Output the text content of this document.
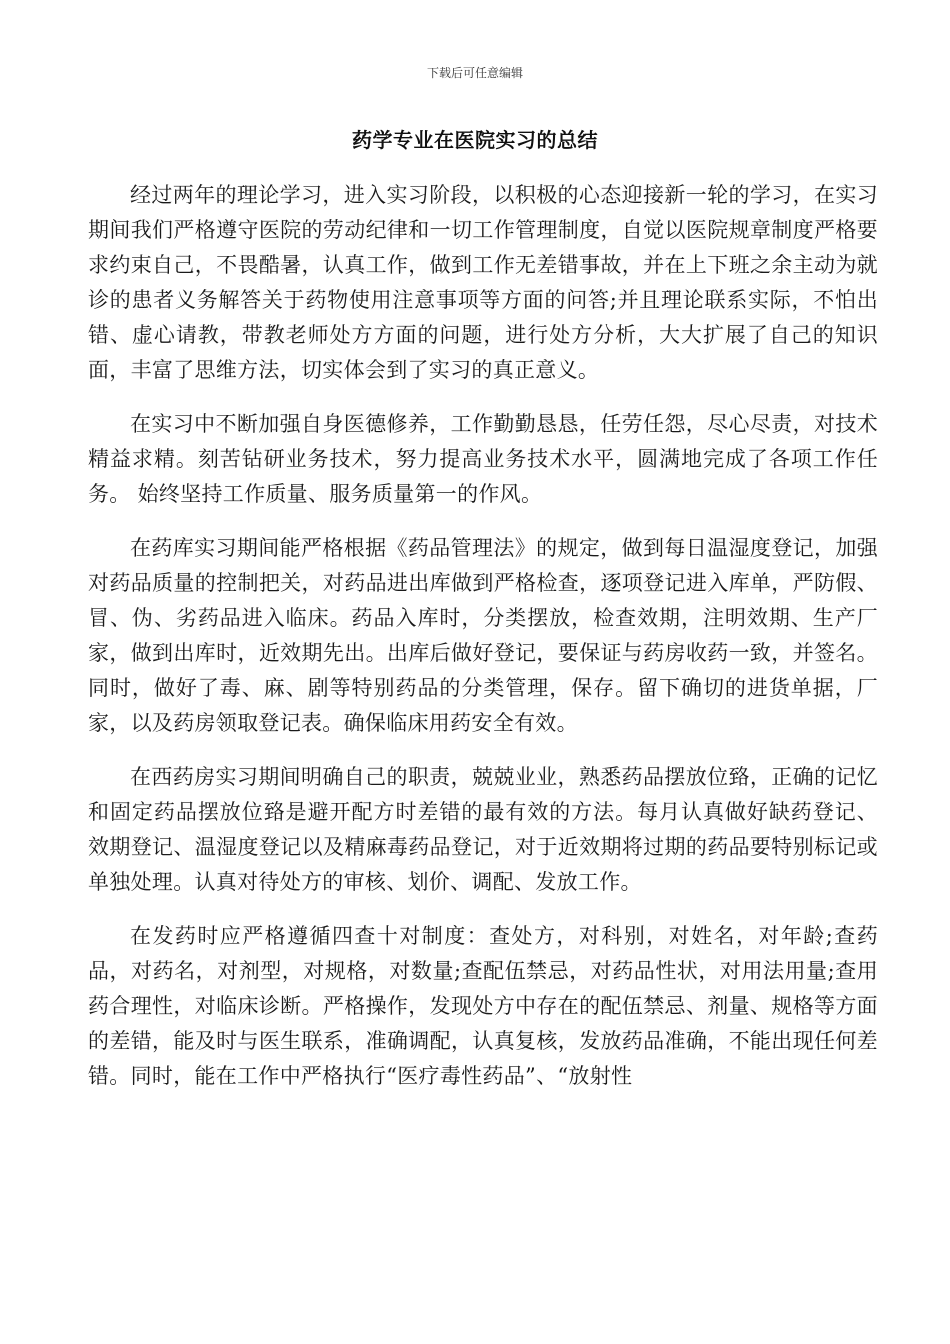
下载后可任意编辑
药学专业在医院实习的总结

经过两年的理论学习，进入实习阶段，以积极的心态迎接新一轮的学习，在实习期间我们严格遵守医院的劳动纪律和一切工作管理制度，自觉以医院规章制度严格要求约束自己，不畏酷暑，认真工作，做到工作无差错事故，并在上下班之余主动为就诊的患者义务解答关于药物使用注意事项等方面的问答;并且理论联系实际，不怕出错、虚心请教，带教老师处方方面的问题，进行处方分析，大大扩展了自己的知识面，丰富了思维方法，切实体会到了实习的真正意义。

在实习中不断加强自身医德修养，工作勤勤恳恳，任劳任怨，尽心尽责，对技术精益求精。刻苦钻研业务技术，努力提高业务技术水平，圆满地完成了各项工作任务。 始终坚持工作质量、服务质量第一的作风。

在药库实习期间能严格根据《药品管理法》的规定，做到每日温湿度登记，加强对药品质量的控制把关，对药品进出库做到严格检查，逐项登记进入库单，严防假、冒、伪、劣药品进入临床。药品入库时，分类摆放，检查效期，注明效期、生产厂家，做到出库时，近效期先出。出库后做好登记，要保证与药房收药一致，并签名。同时，做好了毒、麻、剧等特别药品的分类管理，保存。留下确切的进货单据，厂家，以及药房领取登记表。确保临床用药安全有效。

在西药房实习期间明确自己的职责，兢兢业业，熟悉药品摆放位臵，正确的记忆和固定药品摆放位臵是避开配方时差错的最有效的方法。每月认真做好缺药登记、 效期登记、温湿度登记以及精麻毒药品登记，对于近效期将过期的药品要特别标记或单独处理。认真对待处方的审核、划价、调配、发放工作。

在发药时应严格遵循四查十对制度：查处方，对科别，对姓名，对年龄;查药品，对药名，对剂型，对规格，对数量;查配伍禁忌，对药品性状，对用法用量;查用药合理性，对临床诊断。严格操作，发现处方中存在的配伍禁忌、剂量、规格等方面的差错，能及时与医生联系，准确调配，认真复核，发放药品准确，不能出现任何差错。同时，能在工作中严格执行“医疗毒性药品”、“放射性
